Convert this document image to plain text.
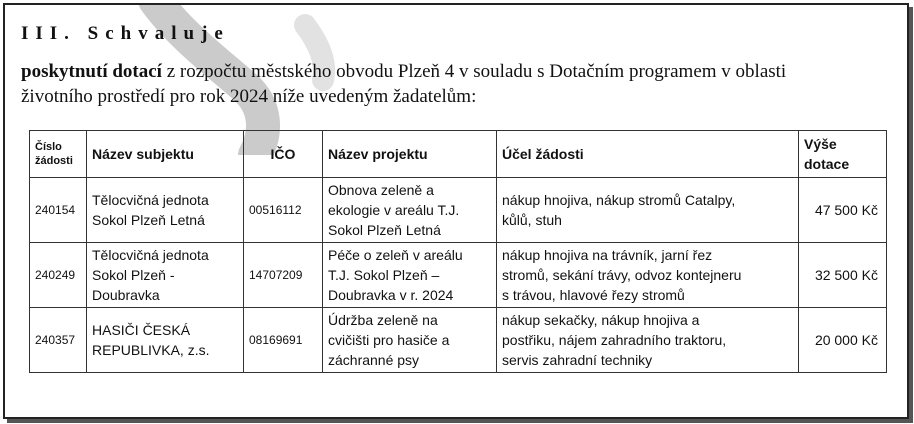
III. Schvaluje
poskytnutí dotací z rozpočtu městského obvodu Plzeň 4 v souladu s Dotačním programem v oblasti životního prostředí pro rok 2024 níže uvedeným žadatelům:
Číslo žádosti	Název subjektu	IČO	Název projektu	Účel žádosti	Výše dotace
240154	Tělocvičná jednota
Sokol Plzeň Letná	00516112	Obnova zeleně a
ekologie v areálu T.J.
Sokol Plzeň Letná	nákup hnojiva, nákup stromů Catalpy,
kůlů, stuh	47 500 Kč
240249	Tělocvičná jednota
Sokol Plzeň -
Doubravka	14707209	Péče o zeleň v areálu
T.J. Sokol Plzeň –
Doubravka v r. 2024	nákup hnojiva na trávník, jarní řez
stromů, sekání trávy, odvoz kontejneru
s trávou, hlavové řezy stromů	32 500 Kč
240357	HASIČI ČESKÁ
REPUBLIVKA, z.s.	08169691	Údržba zeleně na
cvičišti pro hasiče a
záchranné psy	nákup sekačky, nákup hnojiva a
postřiku, nájem zahradního traktoru,
servis zahradní techniky	20 000 Kč
